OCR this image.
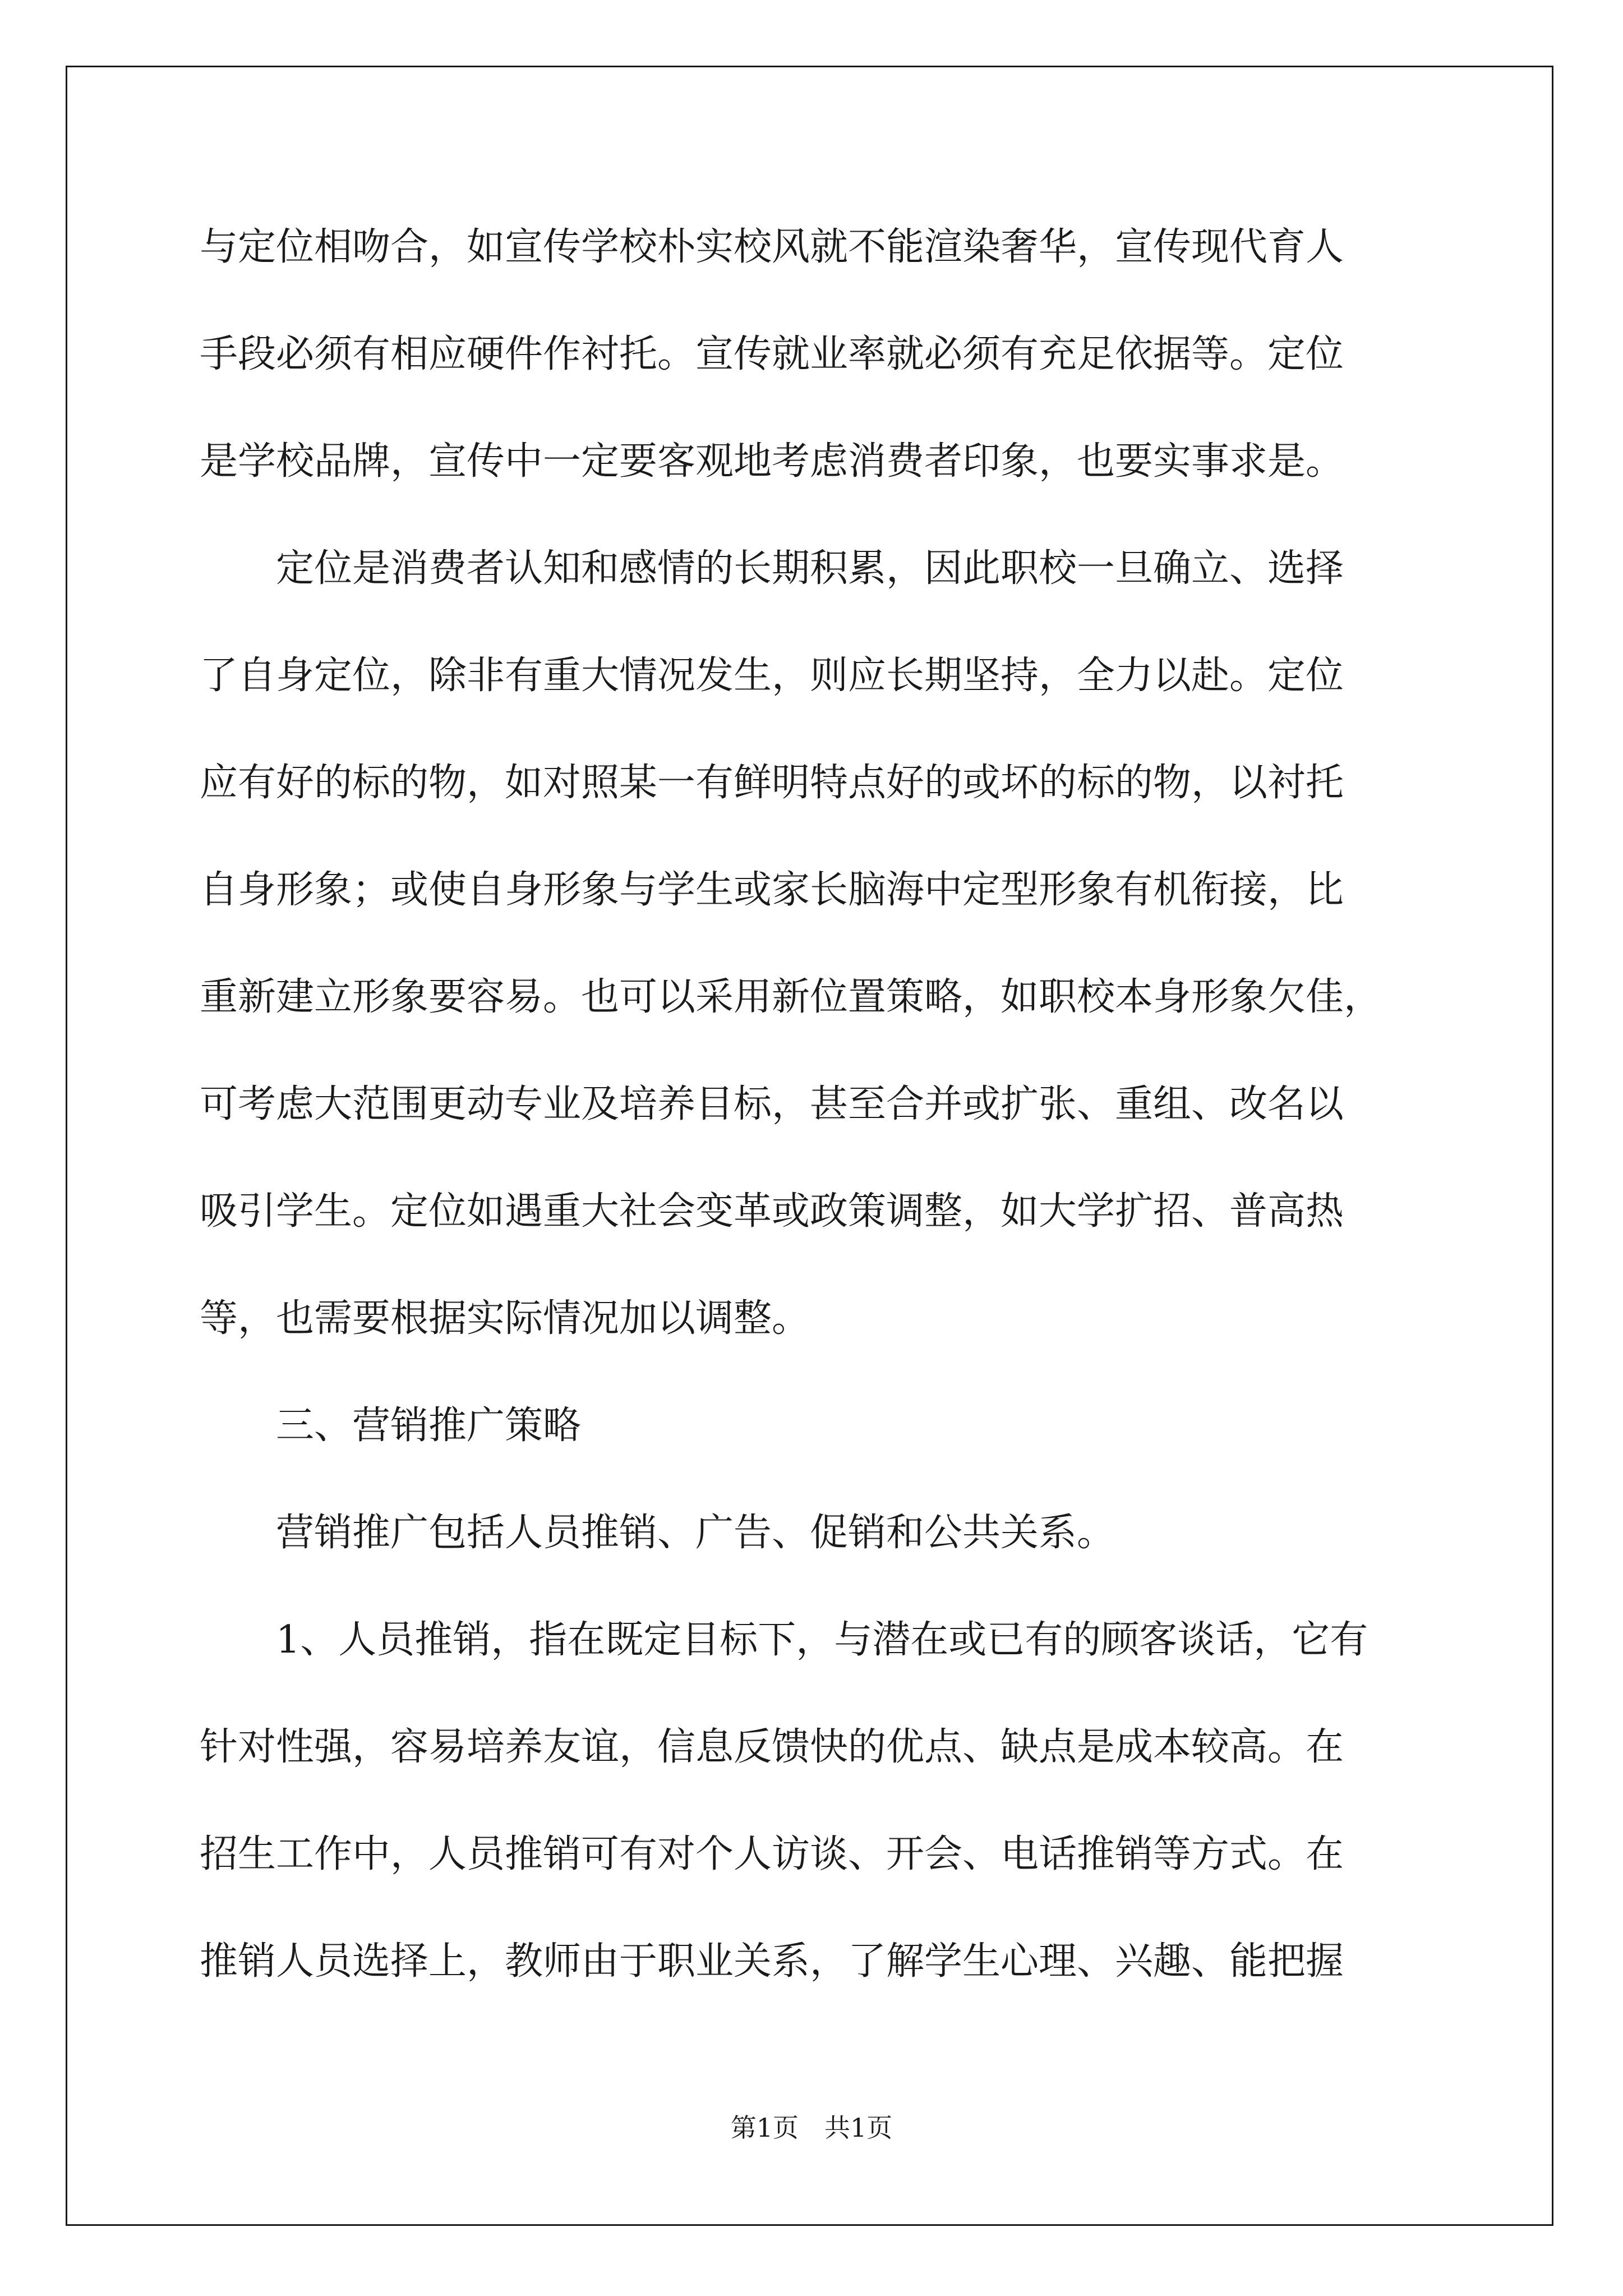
与定位相吻合，如宣传学校朴实校风就不能渲染奢华，宣传现代育人
手段必须有相应硬件作衬托。宣传就业率就必须有充足依据等。定位
是学校品牌，宣传中一定要客观地考虑消费者印象，也要实事求是。
　　定位是消费者认知和感情的长期积累，因此职校一旦确立、选择
了自身定位，除非有重大情况发生，则应长期坚持，全力以赴。定位
应有好的标的物，如对照某一有鲜明特点好的或坏的标的物，以衬托
自身形象；或使自身形象与学生或家长脑海中定型形象有机衔接，比
重新建立形象要容易。也可以采用新位置策略，如职校本身形象欠佳，
可考虑大范围更动专业及培养目标，甚至合并或扩张、重组、改名以
吸引学生。定位如遇重大社会变革或政策调整，如大学扩招、普高热
等，也需要根据实际情况加以调整。
　　三、营销推广策略
　　营销推广包括人员推销、广告、促销和公共关系。
　　1、人员推销，指在既定目标下，与潜在或已有的顾客谈话，它有
针对性强，容易培养友谊，信息反馈快的优点、缺点是成本较高。在
招生工作中，人员推销可有对个人访谈、开会、电话推销等方式。在
推销人员选择上，教师由于职业关系，了解学生心理、兴趣、能把握
第1页　共1页
